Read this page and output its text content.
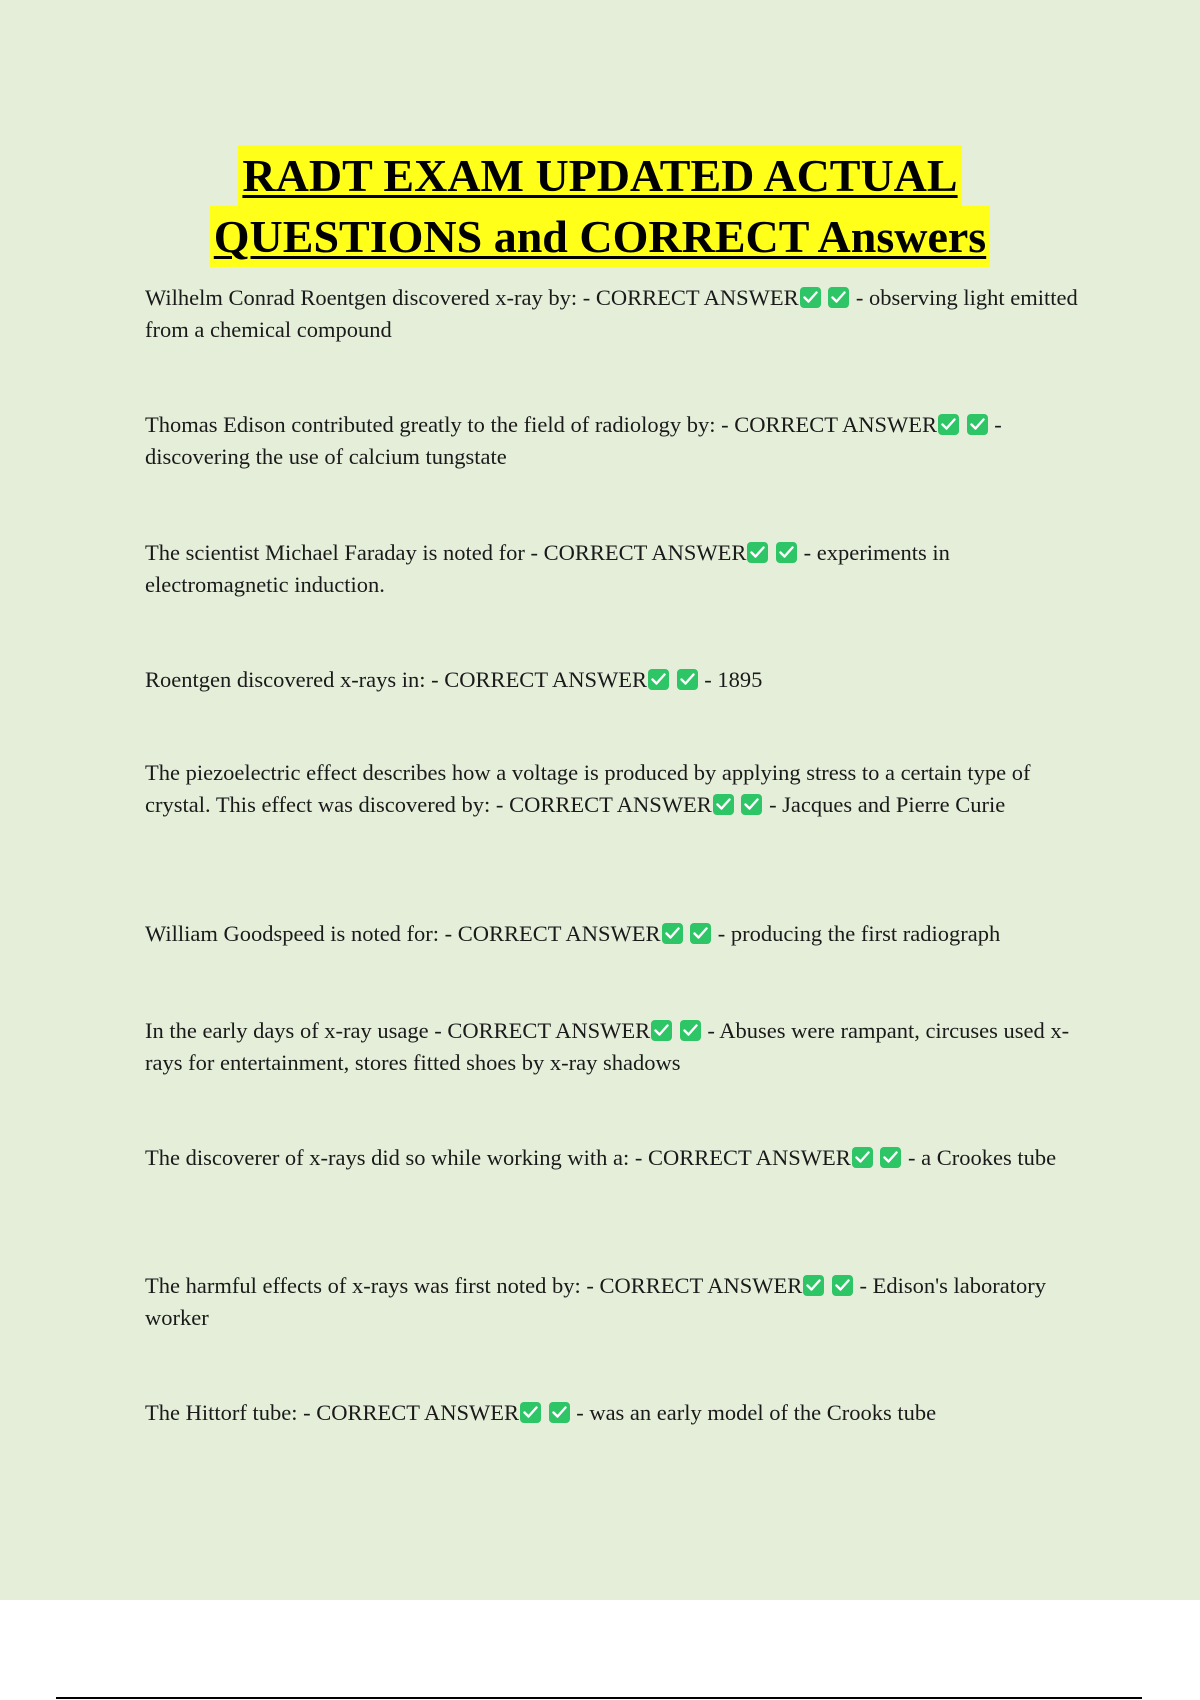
RADT EXAM UPDATED ACTUAL
QUESTIONS and CORRECT Answers
Wilhelm Conrad Roentgen discovered x-ray by: - CORRECT ANSWER

- observing light emitted from a chemical compound
Thomas Edison contributed greatly to the field of radiology by: - CORRECT ANSWER

- discovering the use of calcium tungstate
The scientist Michael Faraday is noted for - CORRECT ANSWER

- experiments in electromagnetic induction.
Roentgen discovered x-rays in: - CORRECT ANSWER

- 1895
The piezoelectric effect describes how a voltage is produced by applying stress to a certain type of crystal. This effect was discovered by: - CORRECT ANSWER

- Jacques and Pierre Curie
William Goodspeed is noted for: - CORRECT ANSWER

- producing the first radiograph
In the early days of x-ray usage - CORRECT ANSWER

- Abuses were rampant, circuses used x-rays for entertainment, stores fitted shoes by x-ray shadows
The discoverer of x-rays did so while working with a: - CORRECT ANSWER

- a Crookes tube
The harmful effects of x-rays was first noted by: - CORRECT ANSWER

- Edison's laboratory worker
The Hittorf tube: - CORRECT ANSWER

- was an early model of the Crooks tube
